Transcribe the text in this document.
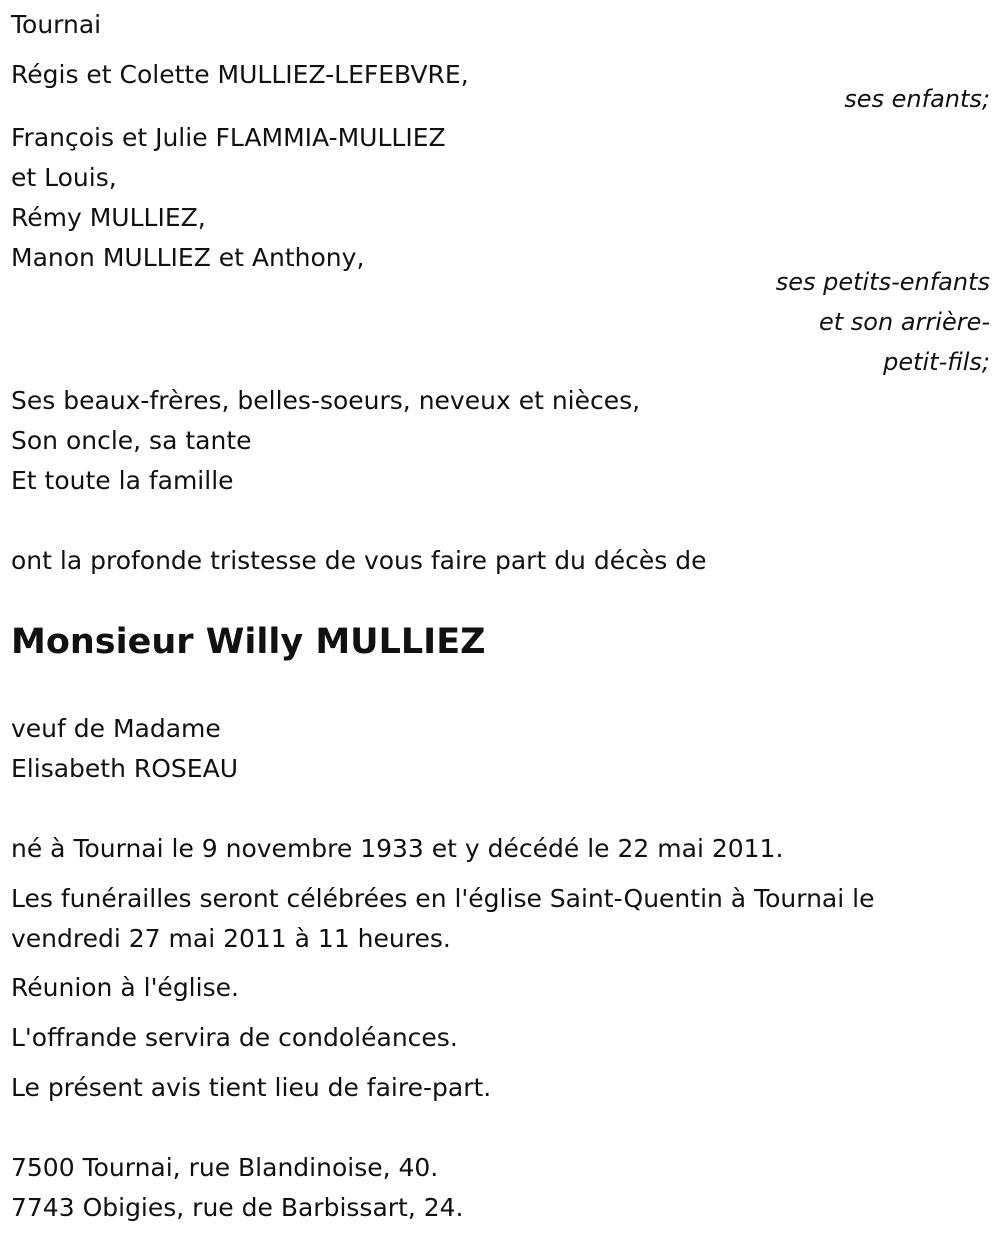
Tournai
Régis et Colette MULLIEZ-LEFEBVRE,
ses enfants;
François et Julie FLAMMIA-MULLIEZ
et Louis,
Rémy MULLIEZ,
Manon MULLIEZ et Anthony,
ses petits-enfants
et son arrière-
petit-fils;
Ses beaux-frères, belles-soeurs, neveux et nièces,
Son oncle, sa tante
Et toute la famille
ont la profonde tristesse de vous faire part du décès de
Monsieur Willy MULLIEZ
veuf de Madame
Elisabeth ROSEAU
né à Tournai le 9 novembre 1933 et y décédé le 22 mai 2011.
Les funérailles seront célébrées en l'église Saint-Quentin à Tournai le
vendredi 27 mai 2011 à 11 heures.
Réunion à l'église.
L'offrande servira de condoléances.
Le présent avis tient lieu de faire-part.
7500 Tournai, rue Blandinoise, 40.
7743 Obigies, rue de Barbissart, 24.
